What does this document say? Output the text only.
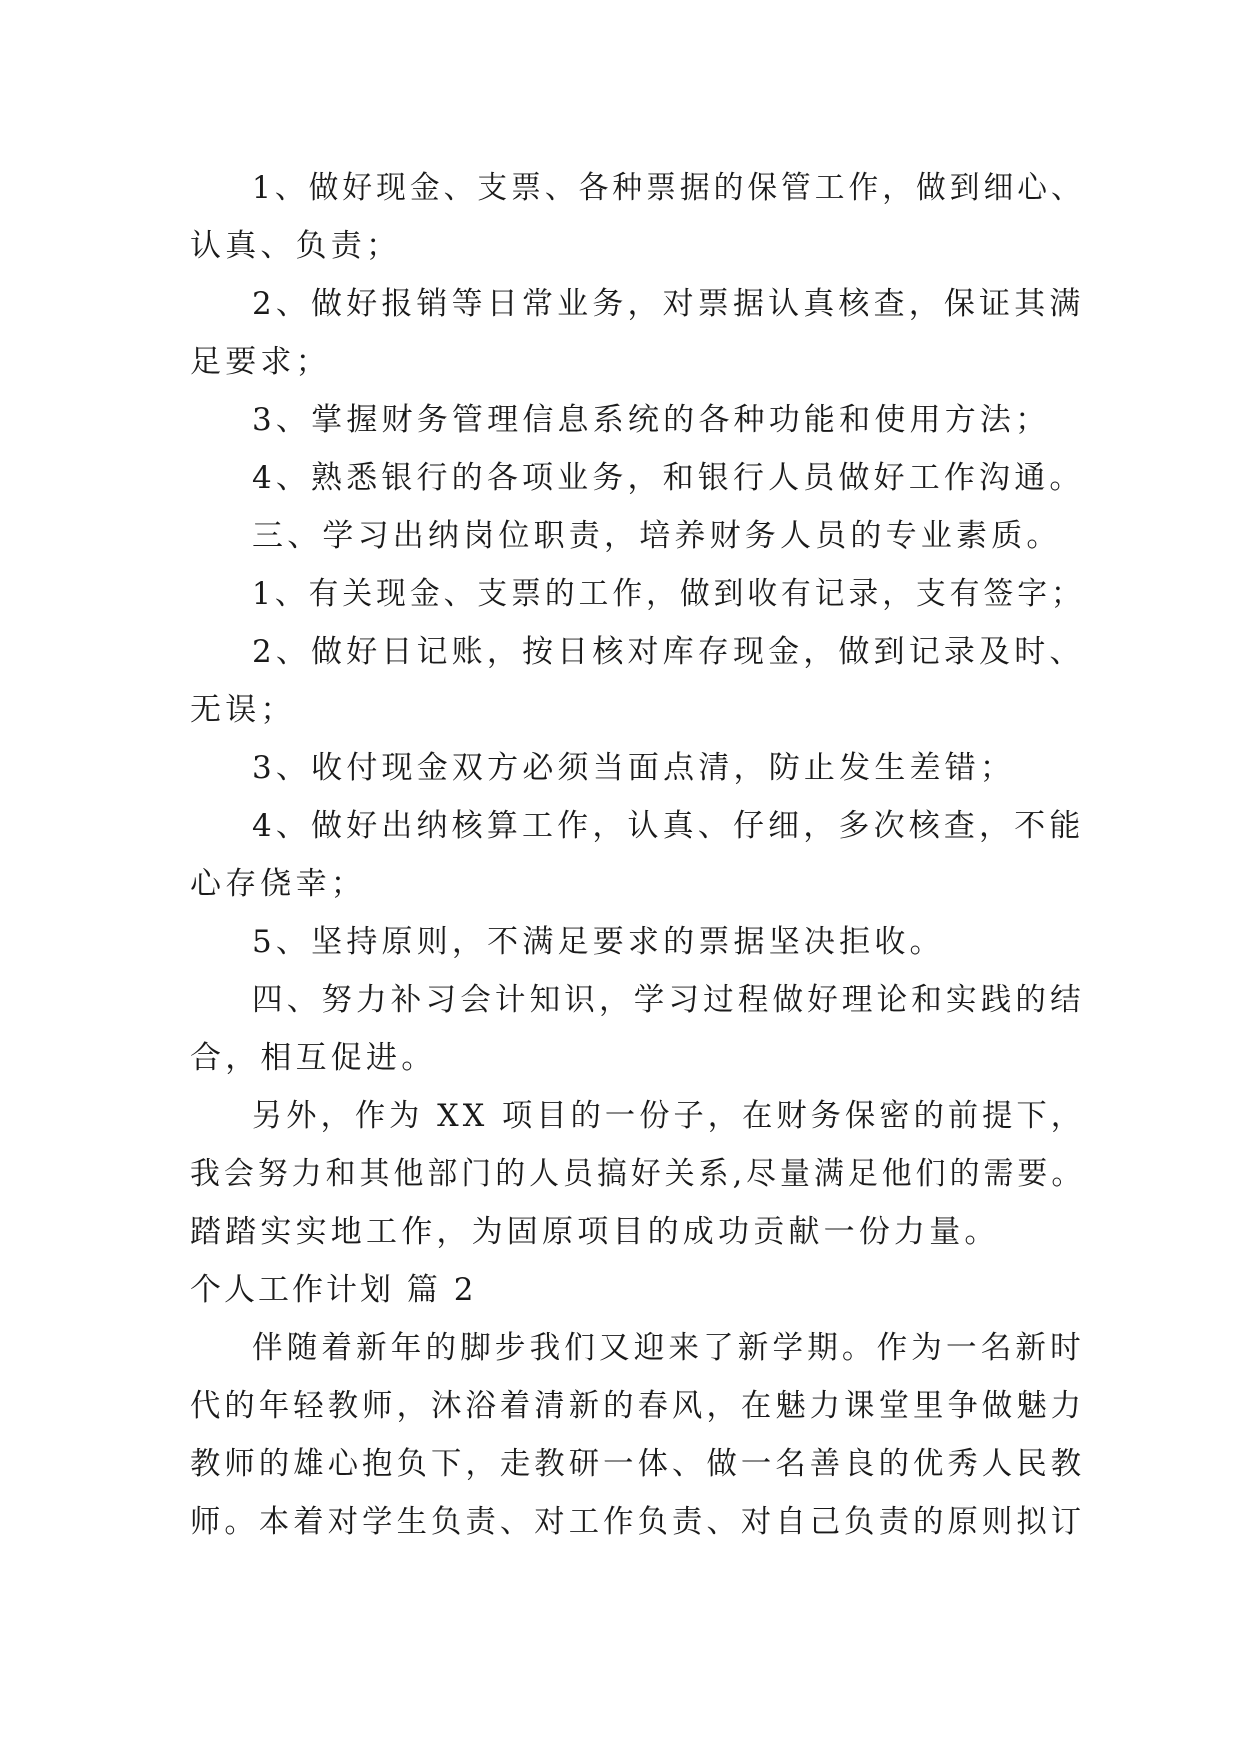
1、做好现金、支票、各种票据的保管工作，做到细心、
认真、负责；
2、做好报销等日常业务，对票据认真核查，保证其满
足要求；
3、掌握财务管理信息系统的各种功能和使用方法；
4、熟悉银行的各项业务，和银行人员做好工作沟通。
三、学习出纳岗位职责，培养财务人员的专业素质。
1、有关现金、支票的工作，做到收有记录，支有签字；
2、做好日记账，按日核对库存现金，做到记录及时、
无误；
3、收付现金双方必须当面点清，防止发生差错；
4、做好出纳核算工作，认真、仔细，多次核查，不能
心存侥幸；
5、坚持原则，不满足要求的票据坚决拒收。
四、努力补习会计知识，学习过程做好理论和实践的结
合，相互促进。
另外，作为 XX 项目的一份子，在财务保密的前提下，
我会努力和其他部门的人员搞好关系,尽量满足他们的需要。
踏踏实实地工作，为固原项目的成功贡献一份力量。
个人工作计划 篇 2
伴随着新年的脚步我们又迎来了新学期。作为一名新时
代的年轻教师，沐浴着清新的春风，在魅力课堂里争做魅力
教师的雄心抱负下，走教研一体、做一名善良的优秀人民教
师。本着对学生负责、对工作负责、对自己负责的原则拟订
